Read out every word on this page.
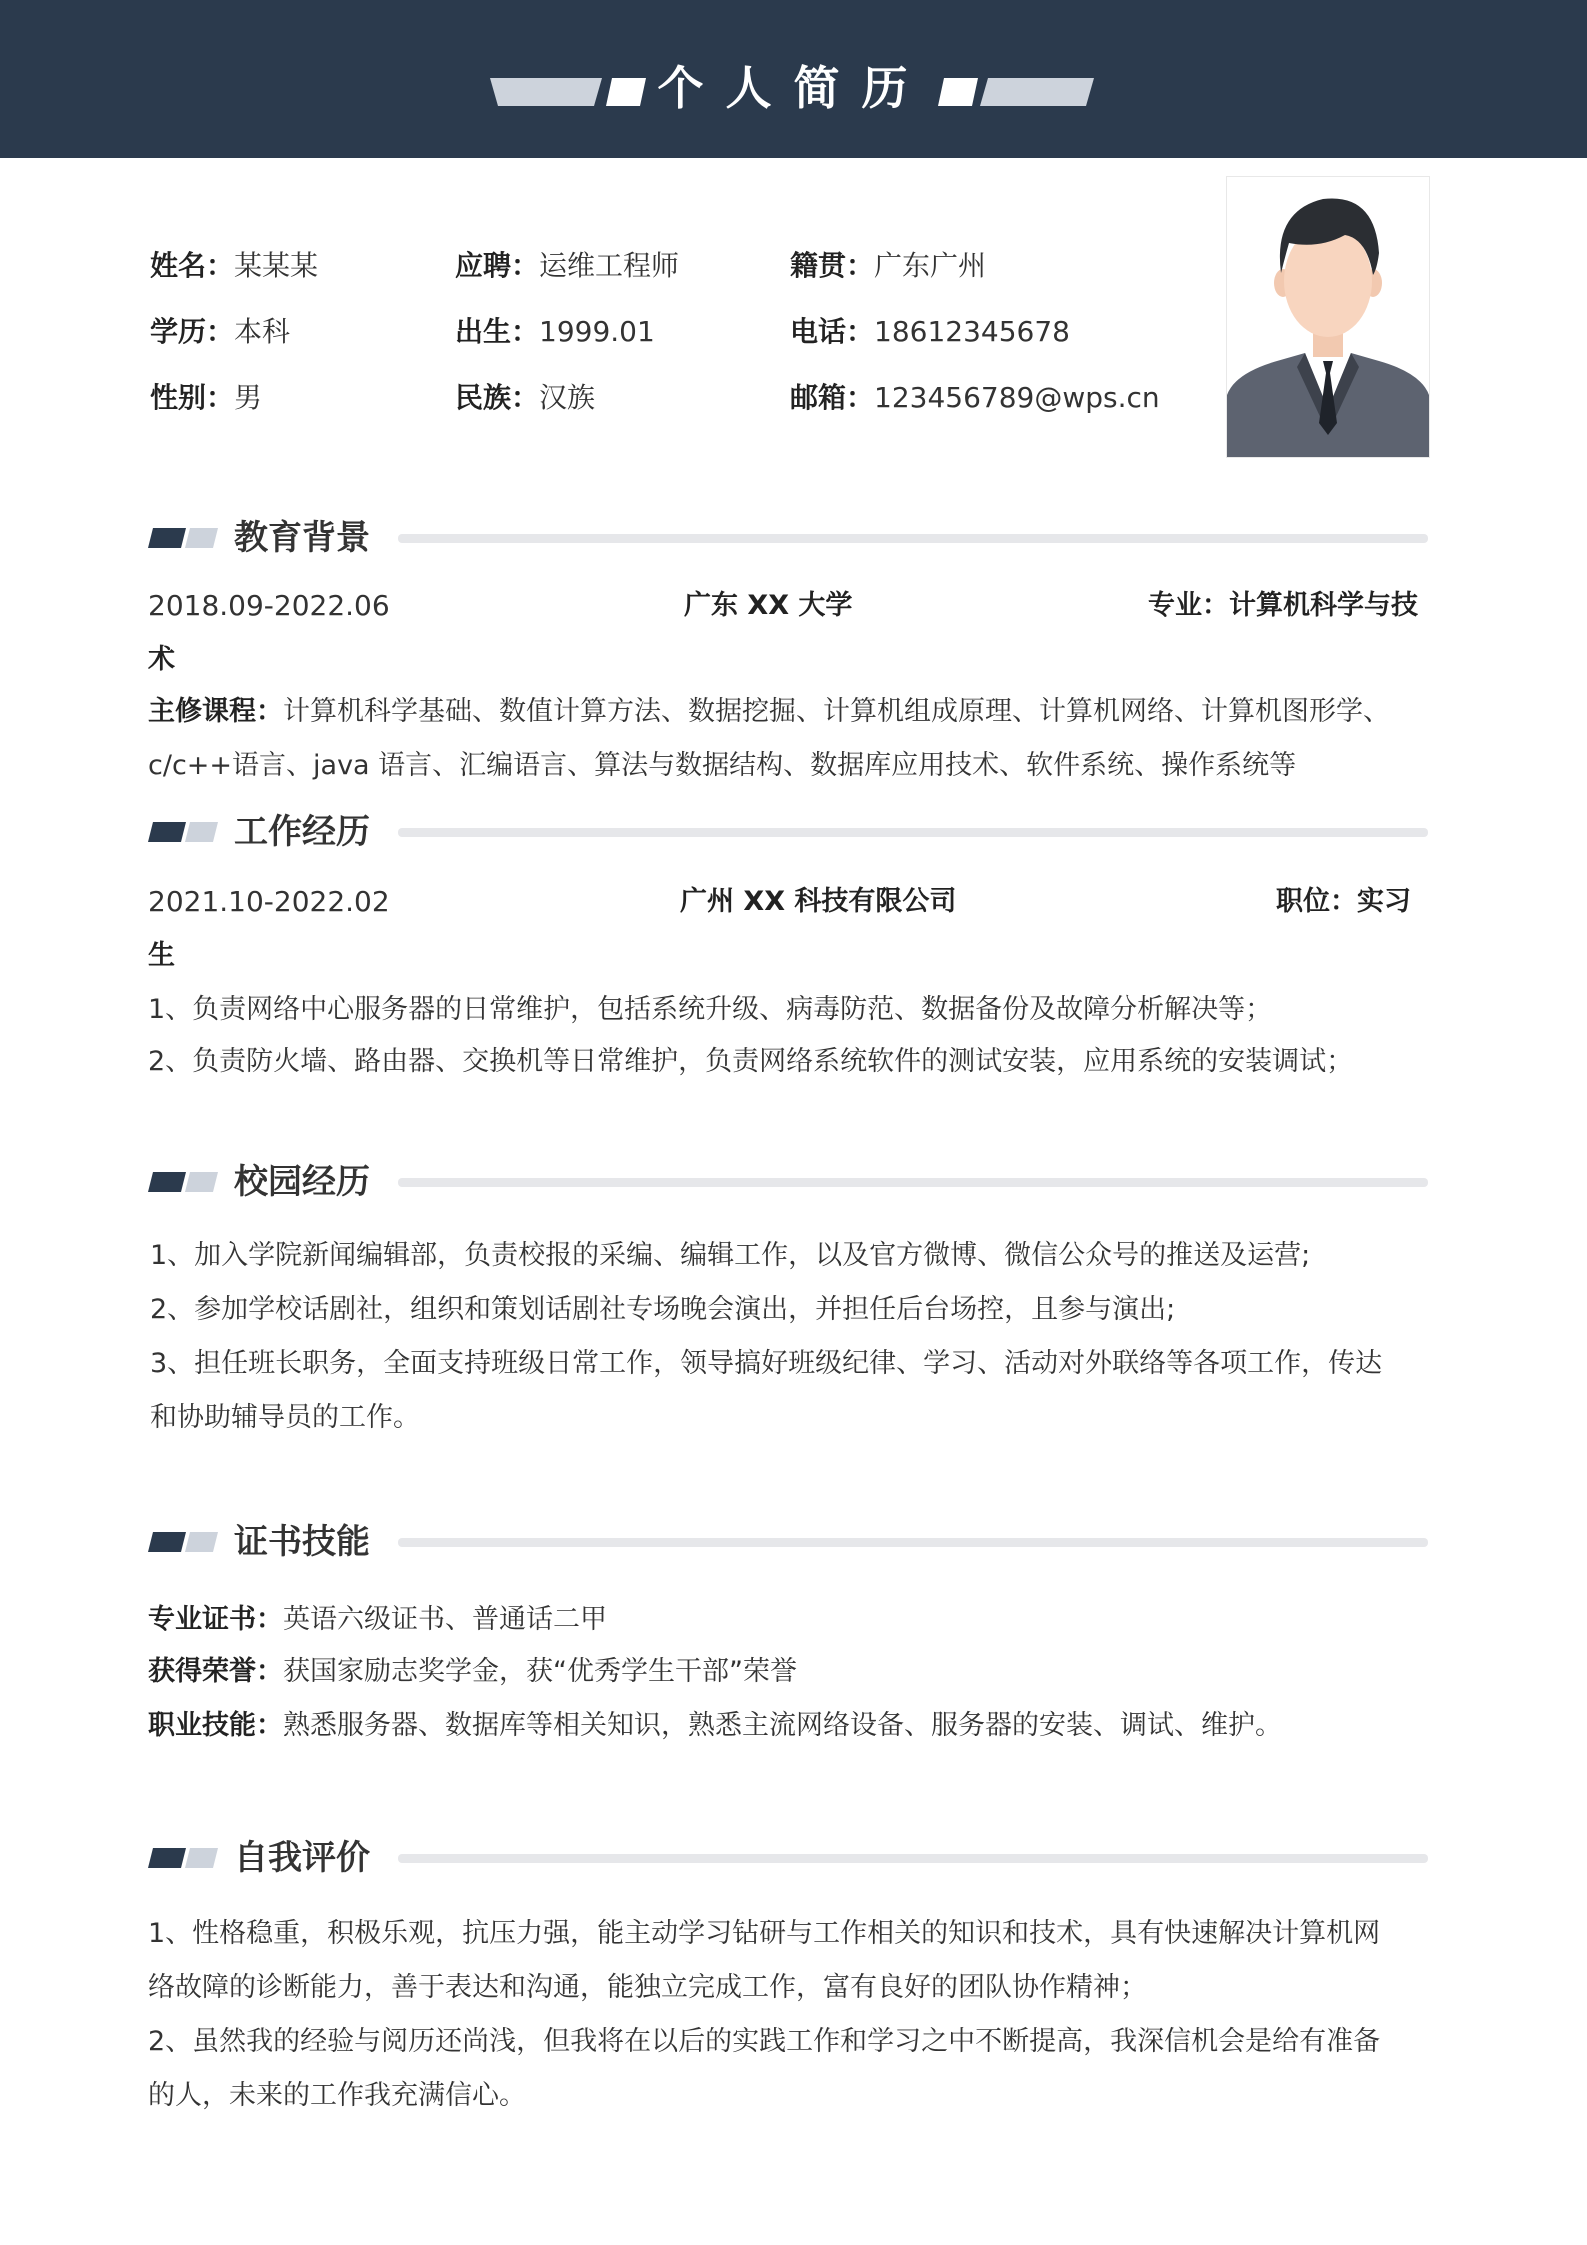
个人简历
姓名：某某某	应聘：运维工程师	籍贯：广东广州
学历：本科	出生：1999.01	电话：18612345678
性别：男	民族：汉族	邮箱：123456789@wps.cn
教育背景
2018.09-2022.06	广东 XX 大学	专业：计算机科学与技
术
主修课程：计算机科学基础、数值计算方法、数据挖掘、计算机组成原理、计算机网络、计算机图形学、
c/c++语言、java 语言、汇编语言、算法与数据结构、数据库应用技术、软件系统、操作系统等
工作经历
2021.10-2022.02	广州 XX 科技有限公司	职位：实习
生
1、负责网络中心服务器的日常维护，包括系统升级、病毒防范、数据备份及故障分析解决等；
2、负责防火墙、路由器、交换机等日常维护，负责网络系统软件的测试安装，应用系统的安装调试；
校园经历
1、加入学院新闻编辑部，负责校报的采编、编辑工作，以及官方微博、微信公众号的推送及运营;
2、参加学校话剧社，组织和策划话剧社专场晚会演出，并担任后台场控，且参与演出;
3、担任班长职务，全面支持班级日常工作，领导搞好班级纪律、学习、活动对外联络等各项工作，传达
和协助辅导员的工作。
证书技能
专业证书：英语六级证书、普通话二甲
获得荣誉：获国家励志奖学金，获“优秀学生干部”荣誉
职业技能：熟悉服务器、数据库等相关知识，熟悉主流网络设备、服务器的安装、调试、维护。
自我评价
1、性格稳重，积极乐观，抗压力强，能主动学习钻研与工作相关的知识和技术，具有快速解决计算机网
络故障的诊断能力，善于表达和沟通，能独立完成工作，富有良好的团队协作精神；
2、虽然我的经验与阅历还尚浅，但我将在以后的实践工作和学习之中不断提高，我深信机会是给有准备
的人，未来的工作我充满信心。
